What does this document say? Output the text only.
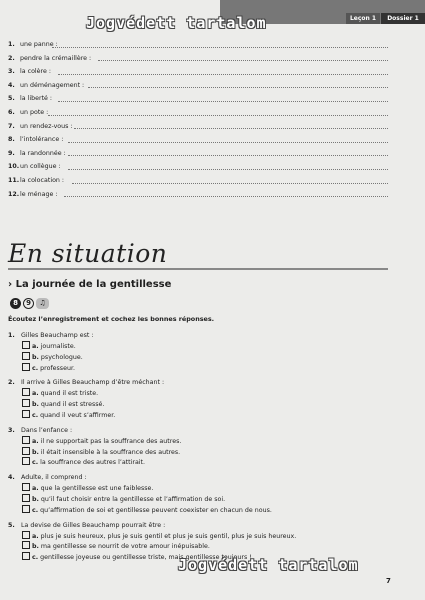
Leçon 1	Dossier 1
Jogvédett tartalom
1. une panne :
2. pendre la crémaillère :
3. la colère :
4. un déménagement :
5. la liberté :
6. un pote :
7. un rendez-vous :
8. l’intolérance :
9. la randonnée :
10.un collègue :
11.la colocation :
12.le ménage :
En situation
› La journée de la gentillesse
8	9	♫
Écoutez l’enregistrement et cochez les bonnes réponses.
1. Gilles Beauchamp est :
a. journaliste.
b. psychologue.
c. professeur.
2. Il arrive à Gilles Beauchamp d’être méchant :
a. quand il est triste.
b. quand il est stressé.
c. quand il veut s’affirmer.
3. Dans l’enfance :
a. il ne supportait pas la souffrance des autres.
b. il était insensible à la souffrance des autres.
c. la souffrance des autres l’attirait.
4. Adulte, il comprend :
a. que la gentillesse est une faiblesse.
b. qu’il faut choisir entre la gentillesse et l’affirmation de soi.
c. qu’affirmation de soi et gentillesse peuvent coexister en chacun de nous.
5. La devise de Gilles Beauchamp pourrait être :
a. plus je suis heureux, plus je suis gentil et plus je suis gentil, plus je suis heureux.
b. ma gentillesse se nourrit de votre amour inépuisable.
c. gentillesse joyeuse ou gentillesse triste, mais gentillesse toujours !
Jogvédett tartalom
7
